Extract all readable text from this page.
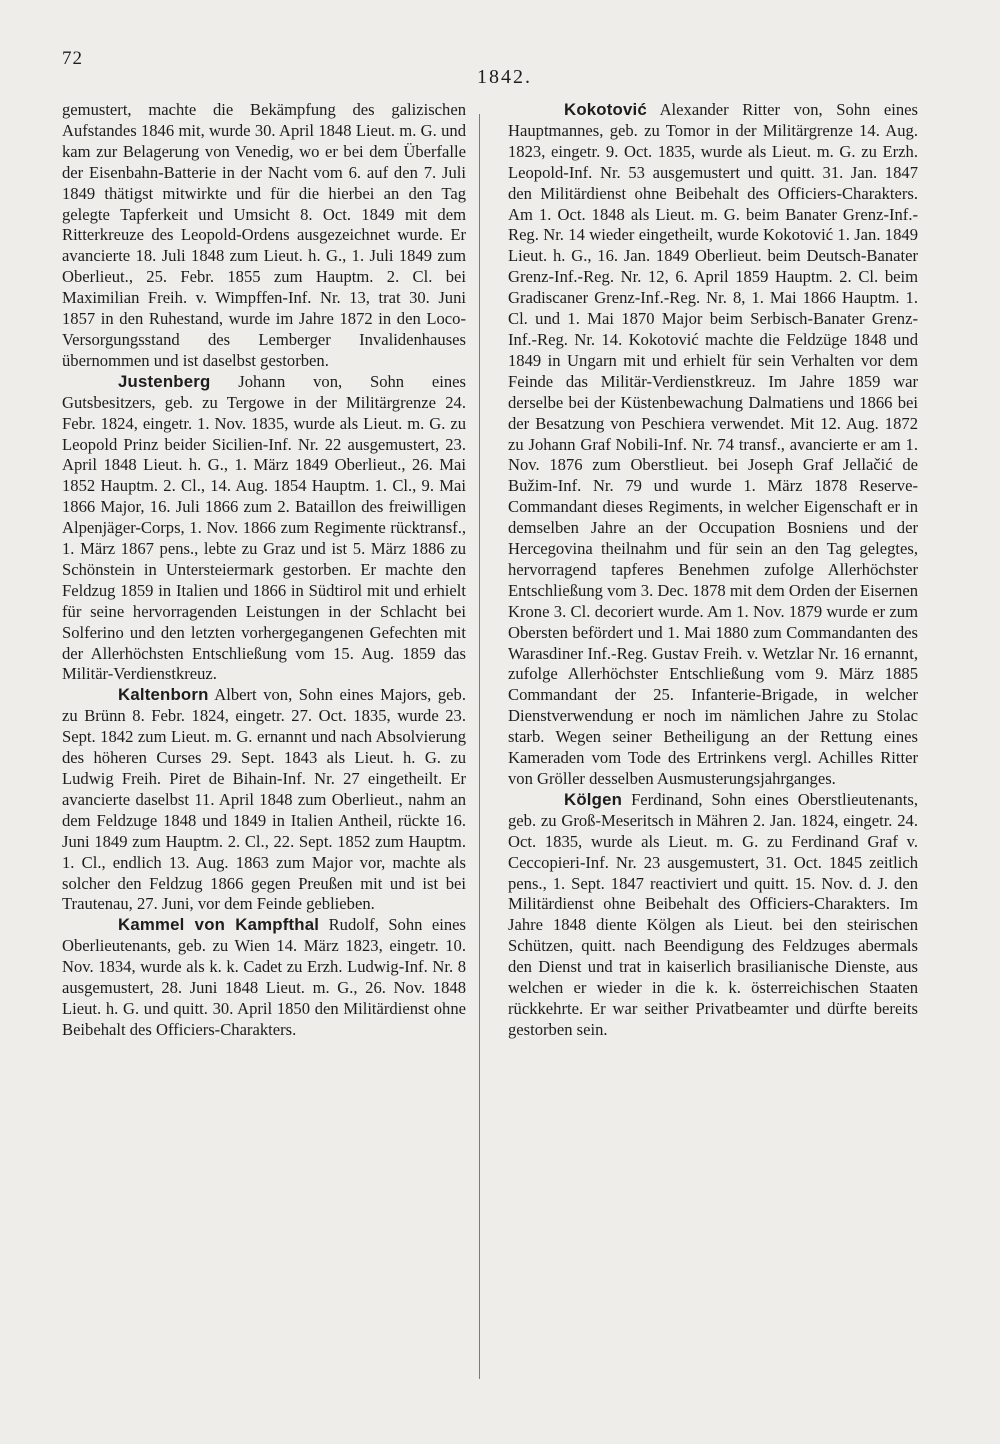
72
1842.

gemustert, machte die Bekämpfung des galizischen Aufstandes 1846 mit, wurde 30. April 1848 Lieut. m. G. und kam zur Belagerung von Venedig, wo er bei dem Überfalle der Eisenbahn-Batterie in der Nacht vom 6. auf den 7. Juli 1849 thätigst mitwirkte und für die hierbei an den Tag gelegte Tapferkeit und Umsicht 8. Oct. 1849 mit dem Ritterkreuze des Leopold-Ordens ausgezeichnet wurde. Er avancierte 18. Juli 1848 zum Lieut. h. G., 1. Juli 1849 zum Oberlieut., 25. Febr. 1855 zum Hauptm. 2. Cl. bei Maximilian Freih. v. Wimpffen-Inf. Nr. 13, trat 30. Juni 1857 in den Ruhestand, wurde im Jahre 1872 in den Loco-Versorgungsstand des Lemberger Invalidenhauses übernommen und ist daselbst gestorben.

Justenberg Johann von, Sohn eines Gutsbesitzers, geb. zu Tergowe in der Militärgrenze 24. Febr. 1824, eingetr. 1. Nov. 1835, wurde als Lieut. m. G. zu Leopold Prinz beider Sicilien-Inf. Nr. 22 ausgemustert, 23. April 1848 Lieut. h. G., 1. März 1849 Oberlieut., 26. Mai 1852 Hauptm. 2. Cl., 14. Aug. 1854 Hauptm. 1. Cl., 9. Mai 1866 Major, 16. Juli 1866 zum 2. Bataillon des freiwilligen Alpenjäger-Corps, 1. Nov. 1866 zum Regimente rücktransf., 1. März 1867 pens., lebte zu Graz und ist 5. März 1886 zu Schönstein in Untersteiermark gestorben. Er machte den Feldzug 1859 in Italien und 1866 in Südtirol mit und erhielt für seine hervorragenden Leistungen in der Schlacht bei Solferino und den letzten vorhergegangenen Gefechten mit der Allerhöchsten Entschließung vom 15. Aug. 1859 das Militär-Verdienstkreuz.

Kaltenborn Albert von, Sohn eines Majors, geb. zu Brünn 8. Febr. 1824, eingetr. 27. Oct. 1835, wurde 23. Sept. 1842 zum Lieut. m. G. ernannt und nach Absolvierung des höheren Curses 29. Sept. 1843 als Lieut. h. G. zu Ludwig Freih. Piret de Bihain-Inf. Nr. 27 eingetheilt. Er avancierte daselbst 11. April 1848 zum Oberlieut., nahm an dem Feldzuge 1848 und 1849 in Italien Antheil, rückte 16. Juni 1849 zum Hauptm. 2. Cl., 22. Sept. 1852 zum Hauptm. 1. Cl., endlich 13. Aug. 1863 zum Major vor, machte als solcher den Feldzug 1866 gegen Preußen mit und ist bei Trautenau, 27. Juni, vor dem Feinde geblieben.

Kammel von Kampfthal Rudolf, Sohn eines Oberlieutenants, geb. zu Wien 14. März 1823, eingetr. 10. Nov. 1834, wurde als k. k. Cadet zu Erzh. Ludwig-Inf. Nr. 8 ausgemustert, 28. Juni 1848 Lieut. m. G., 26. Nov. 1848 Lieut. h. G. und quitt. 30. April 1850 den Militärdienst ohne Beibehalt des Officiers-Charakters.

Kokotović Alexander Ritter von, Sohn eines Hauptmannes, geb. zu Tomor in der Militärgrenze 14. Aug. 1823, eingetr. 9. Oct. 1835, wurde als Lieut. m. G. zu Erzh. Leopold-Inf. Nr. 53 ausgemustert und quitt. 31. Jan. 1847 den Militärdienst ohne Beibehalt des Officiers-Charakters. Am 1. Oct. 1848 als Lieut. m. G. beim Banater Grenz-Inf.-Reg. Nr. 14 wieder eingetheilt, wurde Kokotović 1. Jan. 1849 Lieut. h. G., 16. Jan. 1849 Oberlieut. beim Deutsch-Banater Grenz-Inf.-Reg. Nr. 12, 6. April 1859 Hauptm. 2. Cl. beim Gradiscaner Grenz-Inf.-Reg. Nr. 8, 1. Mai 1866 Hauptm. 1. Cl. und 1. Mai 1870 Major beim Serbisch-Banater Grenz-Inf.-Reg. Nr. 14. Kokotović machte die Feldzüge 1848 und 1849 in Ungarn mit und erhielt für sein Verhalten vor dem Feinde das Militär-Verdienstkreuz. Im Jahre 1859 war derselbe bei der Küstenbewachung Dalmatiens und 1866 bei der Besatzung von Peschiera verwendet. Mit 12. Aug. 1872 zu Johann Graf Nobili-Inf. Nr. 74 transf., avancierte er am 1. Nov. 1876 zum Oberstlieut. bei Joseph Graf Jellačić de Bužim-Inf. Nr. 79 und wurde 1. März 1878 Reserve-Commandant dieses Regiments, in welcher Eigenschaft er in demselben Jahre an der Occupation Bosniens und der Hercegovina theilnahm und für sein an den Tag gelegtes, hervorragend tapferes Benehmen zufolge Allerhöchster Entschließung vom 3. Dec. 1878 mit dem Orden der Eisernen Krone 3. Cl. decoriert wurde. Am 1. Nov. 1879 wurde er zum Obersten befördert und 1. Mai 1880 zum Commandanten des Warasdiner Inf.-Reg. Gustav Freih. v. Wetzlar Nr. 16 ernannt, zufolge Allerhöchster Entschließung vom 9. März 1885 Commandant der 25. Infanterie-Brigade, in welcher Dienstverwendung er noch im nämlichen Jahre zu Stolac starb. Wegen seiner Betheiligung an der Rettung eines Kameraden vom Tode des Ertrinkens vergl. Achilles Ritter von Gröller desselben Ausmusterungsjahrganges.

Kölgen Ferdinand, Sohn eines Oberstlieutenants, geb. zu Groß-Meseritsch in Mähren 2. Jan. 1824, eingetr. 24. Oct. 1835, wurde als Lieut. m. G. zu Ferdinand Graf v. Ceccopieri-Inf. Nr. 23 ausgemustert, 31. Oct. 1845 zeitlich pens., 1. Sept. 1847 reactiviert und quitt. 15. Nov. d. J. den Militärdienst ohne Beibehalt des Officiers-Charakters. Im Jahre 1848 diente Kölgen als Lieut. bei den steirischen Schützen, quitt. nach Beendigung des Feldzuges abermals den Dienst und trat in kaiserlich brasilianische Dienste, aus welchen er wieder in die k. k. österreichischen Staaten rückkehrte. Er war seither Privatbeamter und dürfte bereits gestorben sein.
